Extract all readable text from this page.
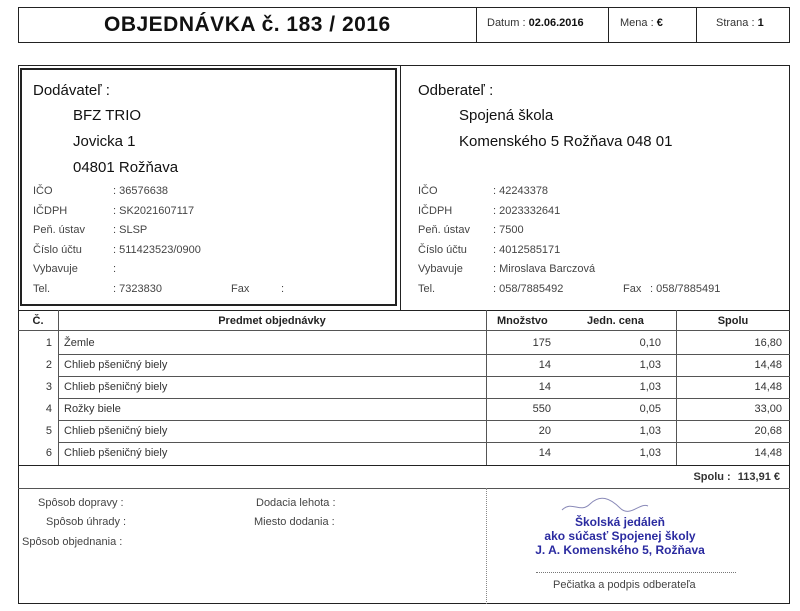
OBJEDNÁVKA č. 183 / 2016	Datum : 02.06.2016	Mena : €	Strana : 1
Dodávateľ :
BFZ TRIO
Jovicka 1
04801 Rožňava
IČO	: 36576638
IČDPH	: SK2021607117
Peň. ústav	: SLSP
Číslo účtu	: 511423523/0900
Vybavuje	:
Tel.	: 7323830	Fax	:
Odberateľ :
Spojená škola
Komenského 5 Rožňava 048 01
IČO	: 42243378
IČDPH	: 2023332641
Peň. ústav : 7500
Číslo účtu : 4012585171
Vybavuje	: Miroslava Barczová
Tel.	: 058/7885492	Fax : 058/7885491
Č.	Predmet objednávky	Množstvo	Jedn. cena	Spolu
1 Žemle	175	0,10	16,80
2 Chlieb pšeničný biely	14	1,03	14,48
3 Chlieb pšeničný biely	14	1,03	14,48
4 Rožky biele	550	0,05	33,00
5 Chlieb pšeničný biely	20	1,03	20,68
6 Chlieb pšeničný biely	14	1,03	14,48
Spolu : 113,91 €
Spôsob dopravy :
Spôsob úhrady :
Spôsob objednania :
Dodacia lehota :
Miesto dodania :	Školská jedáleň
ako súčasť Spojenej školy
J. A. Komenského 5, Rožňava
Pečiatka a podpis odberateľa
